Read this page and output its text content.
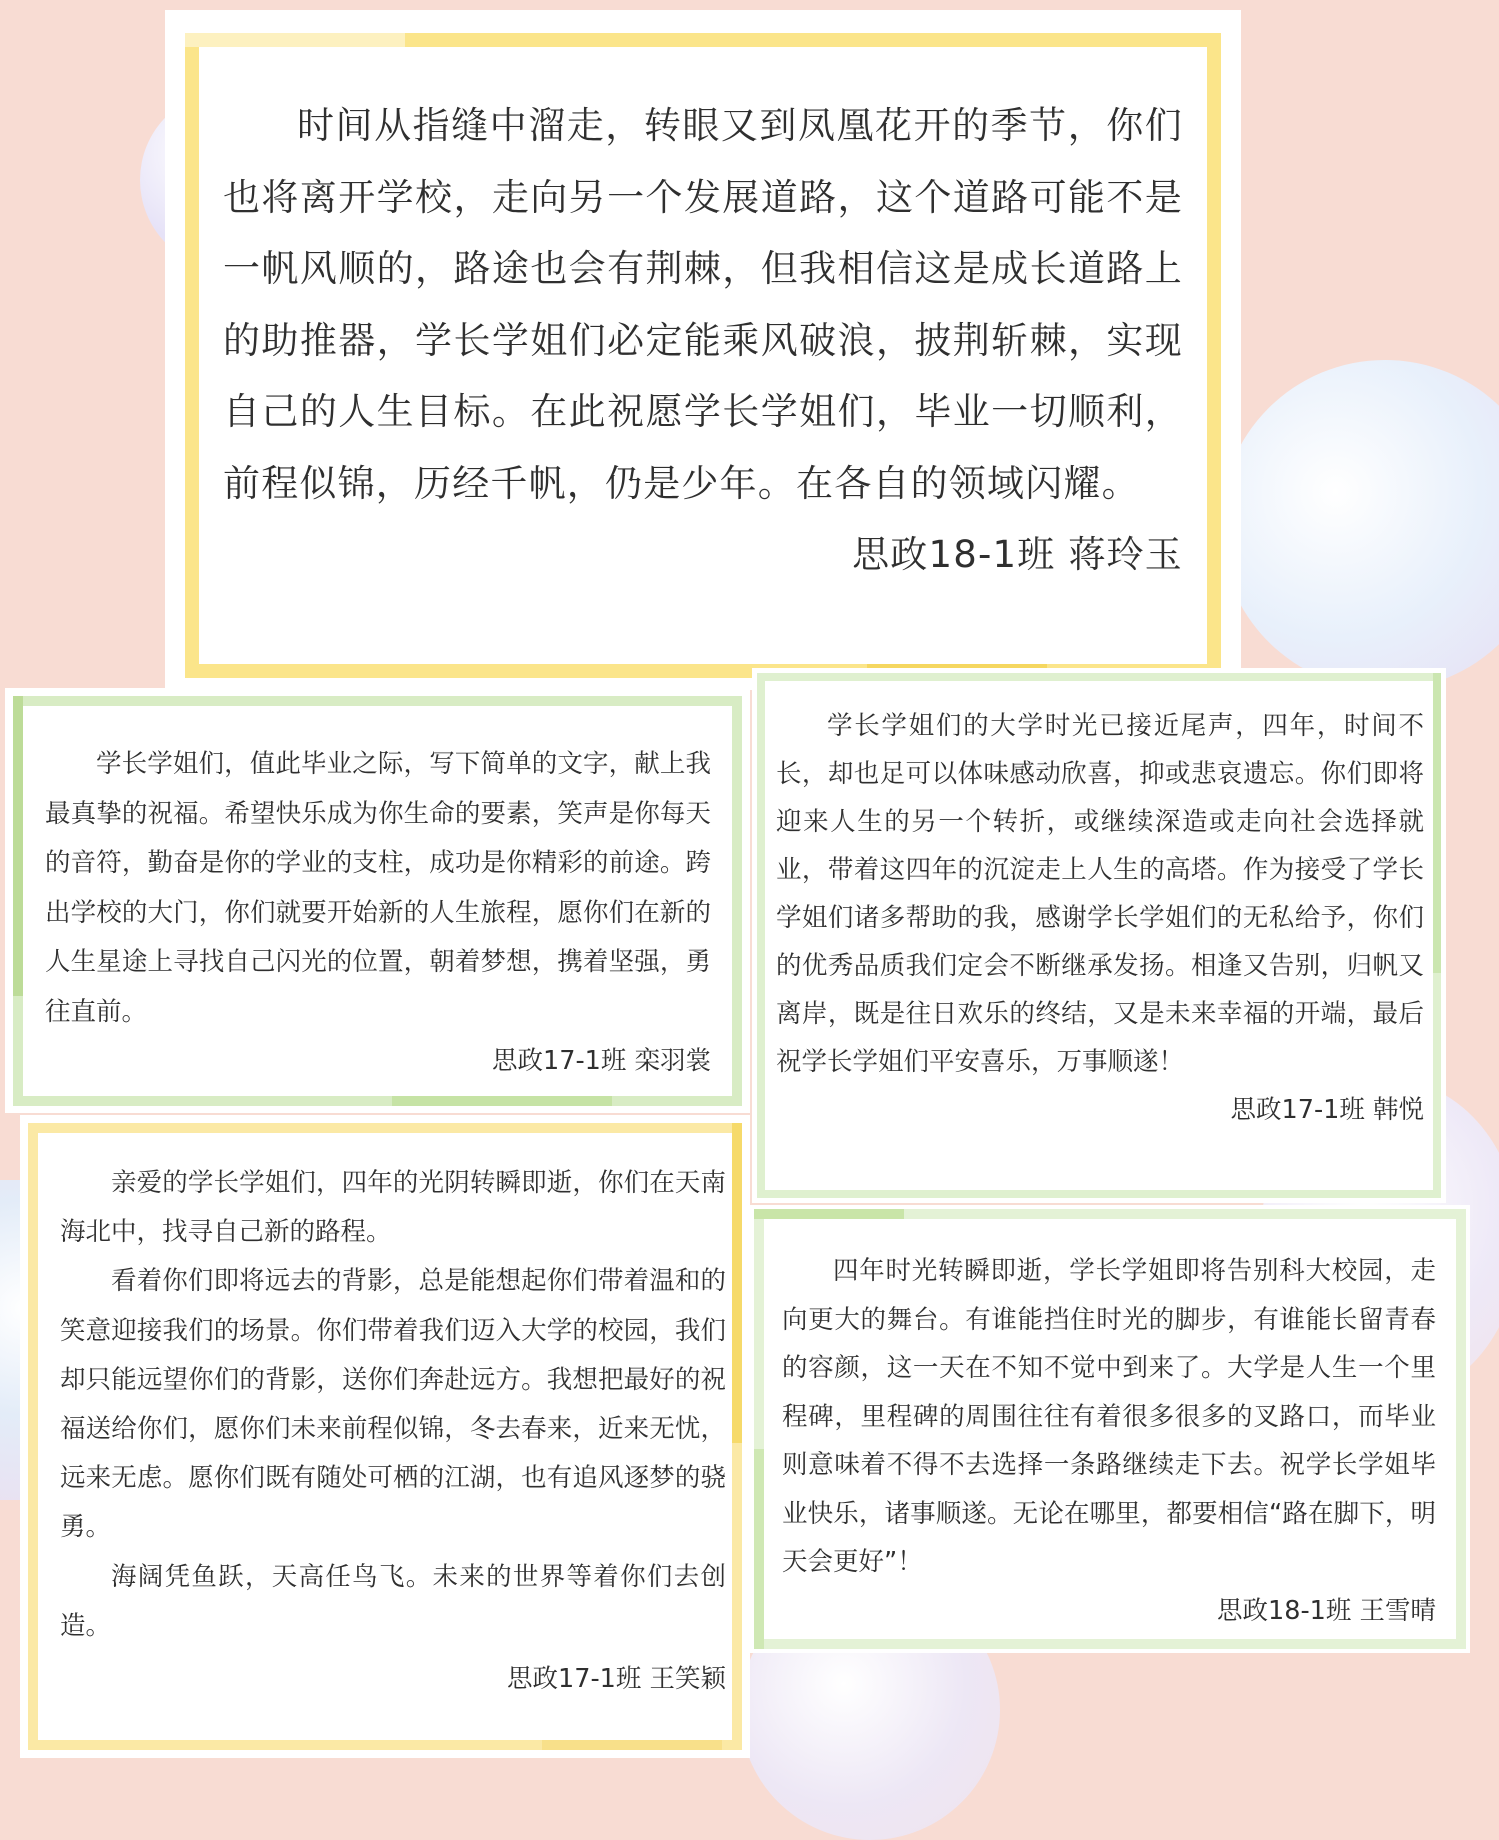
时间从指缝中溜走，转眼又到凤凰花开的季节，你们也将离开学校，走向另一个发展道路，这个道路可能不是一帆风顺的，路途也会有荆棘，但我相信这是成长道路上的助推器，学长学姐们必定能乘风破浪，披荆斩棘，实现自己的人生目标。在此祝愿学长学姐们，毕业一切顺利，前程似锦，历经千帆，仍是少年。在各自的领域闪耀。

思政18-1班 蒋玲玉

学长学姐们，值此毕业之际，写下简单的文字，献上我最真挚的祝福。希望快乐成为你生命的要素，笑声是你每天的音符，勤奋是你的学业的支柱，成功是你精彩的前途。跨出学校的大门，你们就要开始新的人生旅程，愿你们在新的人生星途上寻找自己闪光的位置，朝着梦想，携着坚强，勇往直前。

思政17-1班 栾羽裳

学长学姐们的大学时光已接近尾声，四年，时间不长，却也足可以体味感动欣喜，抑或悲哀遗忘。你们即将迎来人生的另一个转折，或继续深造或走向社会选择就业，带着这四年的沉淀走上人生的高塔。作为接受了学长学姐们诸多帮助的我，感谢学长学姐们的无私给予，你们的优秀品质我们定会不断继承发扬。相逢又告别，归帆又离岸，既是往日欢乐的终结，又是未来幸福的开端，最后祝学长学姐们平安喜乐，万事顺遂！

思政17-1班 韩悦

亲爱的学长学姐们，四年的光阴转瞬即逝，你们在天南海北中，找寻自己新的路程。

看着你们即将远去的背影，总是能想起你们带着温和的笑意迎接我们的场景。你们带着我们迈入大学的校园，我们却只能远望你们的背影，送你们奔赴远方。我想把最好的祝福送给你们，愿你们未来前程似锦，冬去春来，近来无忧，远来无虑。愿你们既有随处可栖的江湖，也有追风逐梦的骁勇。

海阔凭鱼跃，天高任鸟飞。未来的世界等着你们去创造。

思政17-1班 王笑颖

四年时光转瞬即逝，学长学姐即将告别科大校园，走向更大的舞台。有谁能挡住时光的脚步，有谁能长留青春的容颜，这一天在不知不觉中到来了。大学是人生一个里程碑，里程碑的周围往往有着很多很多的叉路口，而毕业则意味着不得不去选择一条路继续走下去。祝学长学姐毕业快乐，诸事顺遂。无论在哪里，都要相信“路在脚下，明天会更好”！

思政18-1班 王雪晴
